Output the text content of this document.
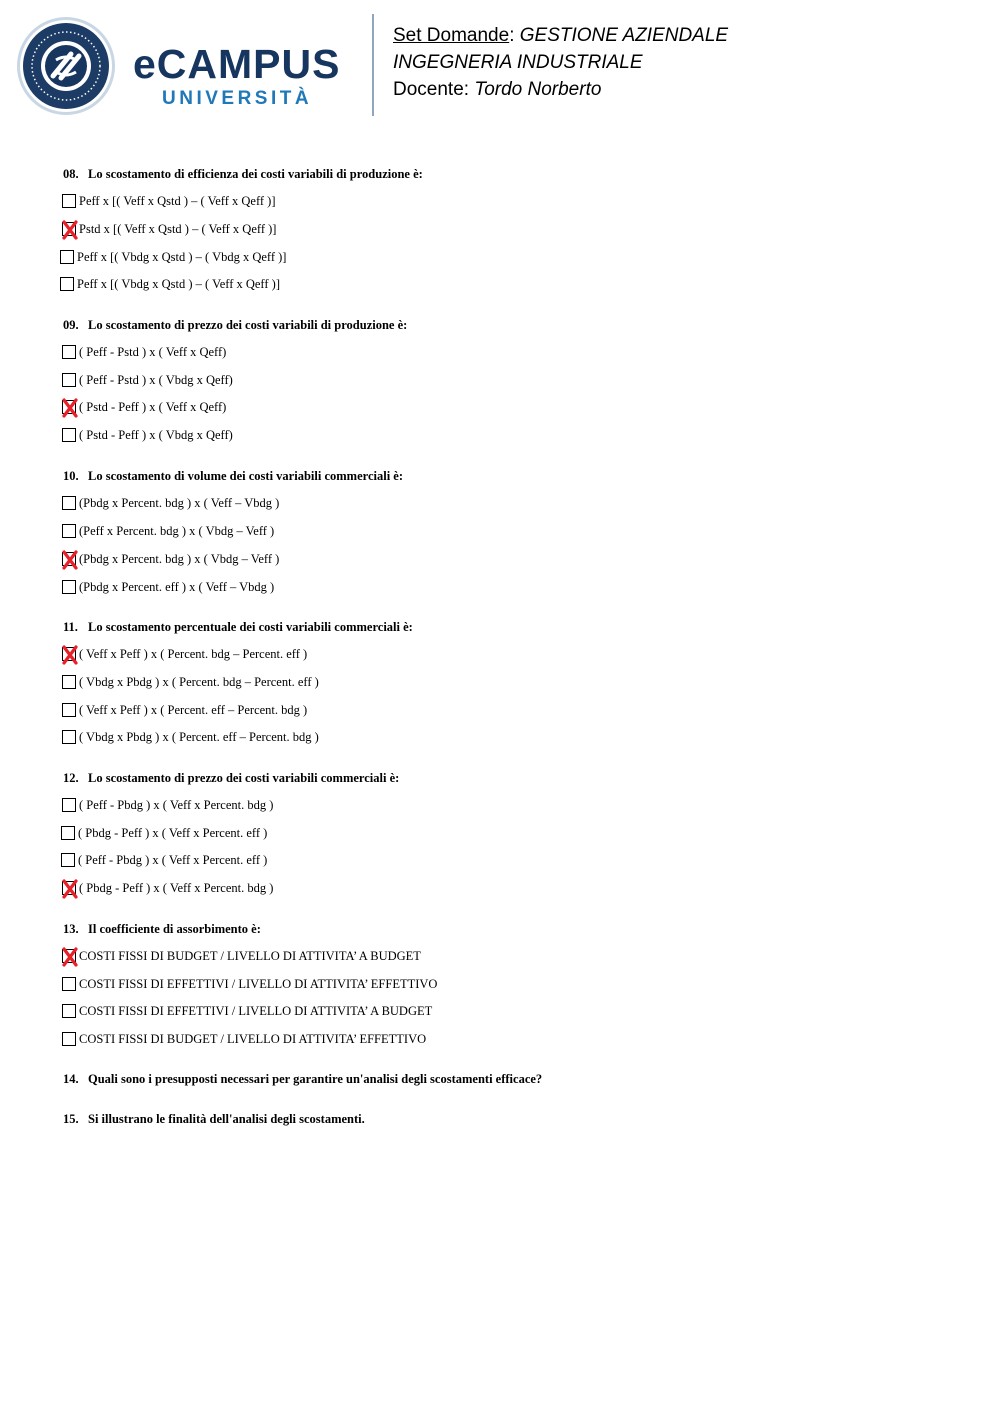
eCAMPUS
UNIVERSITÀ
Set Domande: GESTIONE AZIENDALE
INGEGNERIA INDUSTRIALE
Docente: Tordo Norberto
08. Lo scostamento di efficienza dei costi variabili di produzione è:
Peff x [( Veff x Qstd ) – ( Veff x Qeff )]
Pstd x [( Veff x Qstd ) – ( Veff x Qeff )]
Peff x [( Vbdg x Qstd ) – ( Vbdg x Qeff )]
Peff x [( Vbdg x Qstd ) – ( Veff x Qeff )]
09. Lo scostamento di prezzo dei costi variabili di produzione è:
( Peff - Pstd ) x ( Veff x Qeff)
( Peff - Pstd ) x ( Vbdg x Qeff)
( Pstd - Peff ) x ( Veff x Qeff)
( Pstd - Peff ) x ( Vbdg x Qeff)
10. Lo scostamento di volume dei costi variabili commerciali è:
(Pbdg x Percent. bdg ) x ( Veff – Vbdg )
(Peff x Percent. bdg ) x ( Vbdg – Veff )
(Pbdg x Percent. bdg ) x ( Vbdg – Veff )
(Pbdg x Percent. eff ) x ( Veff – Vbdg )
11. Lo scostamento percentuale dei costi variabili commerciali è:
( Veff x Peff ) x ( Percent. bdg – Percent. eff )
( Vbdg x Pbdg ) x ( Percent. bdg – Percent. eff )
( Veff x Peff ) x ( Percent. eff – Percent. bdg )
( Vbdg x Pbdg ) x ( Percent. eff – Percent. bdg )
12. Lo scostamento di prezzo dei costi variabili commerciali è:
( Peff - Pbdg ) x ( Veff x Percent. bdg )
( Pbdg - Peff ) x ( Veff x Percent. eff )
( Peff - Pbdg ) x ( Veff x Percent. eff )
( Pbdg - Peff ) x ( Veff x Percent. bdg )
13. Il coefficiente di assorbimento è:
COSTI FISSI DI BUDGET / LIVELLO DI ATTIVITA’ A BUDGET
COSTI FISSI DI EFFETTIVI / LIVELLO DI ATTIVITA’ EFFETTIVO
COSTI FISSI DI EFFETTIVI / LIVELLO DI ATTIVITA’ A BUDGET
COSTI FISSI DI BUDGET / LIVELLO DI ATTIVITA’ EFFETTIVO
14. Quali sono i presupposti necessari per garantire un'analisi degli scostamenti efficace?
15. Si illustrano le finalità dell'analisi degli scostamenti.
